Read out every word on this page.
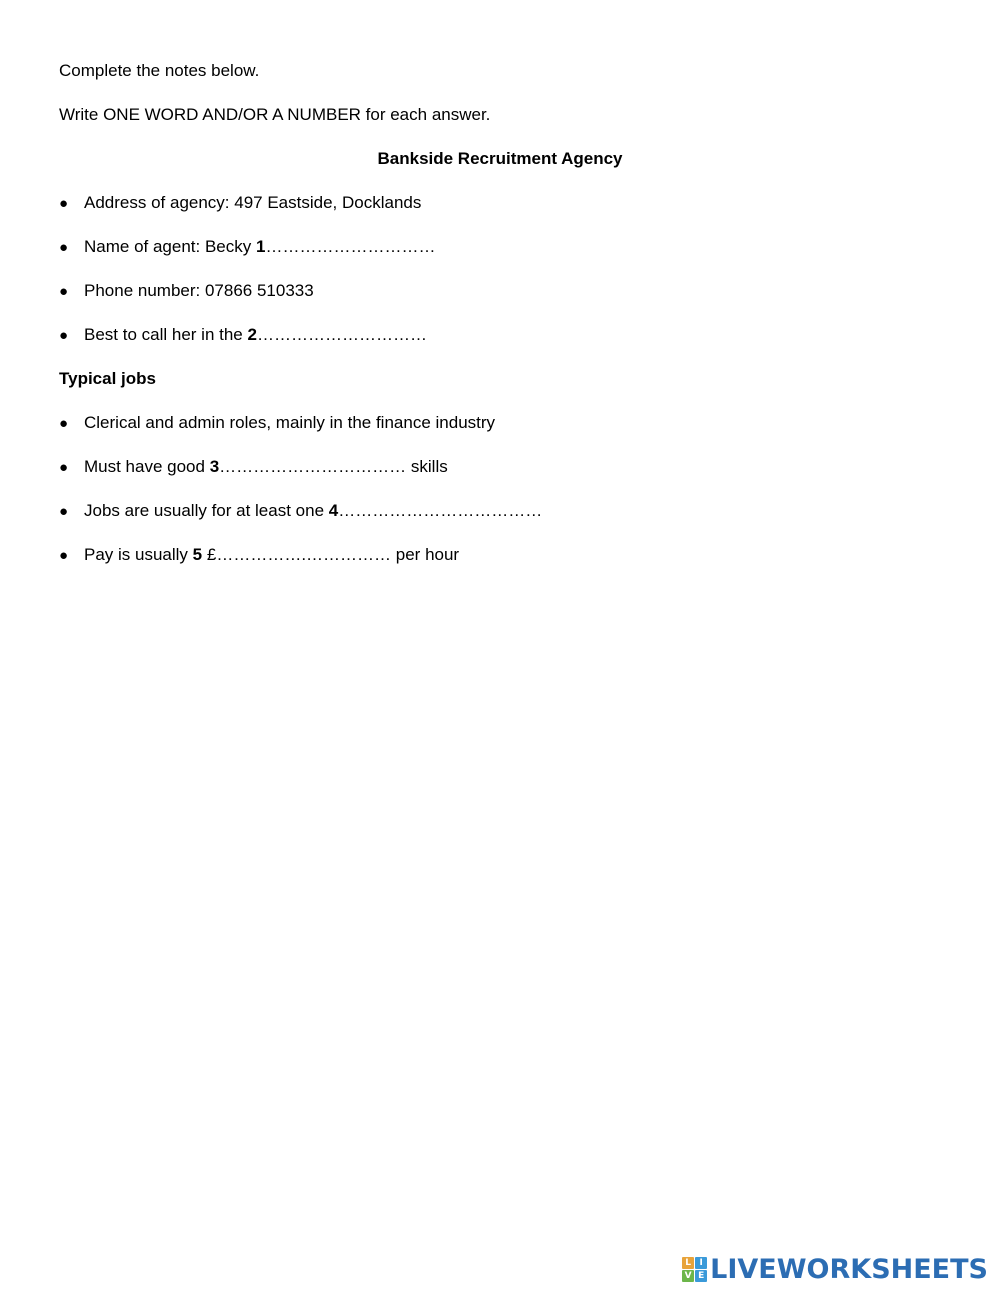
Complete the notes below.
Write ONE WORD AND/OR A NUMBER for each answer.
Bankside Recruitment Agency
● Address of agency: 497 Eastside, Docklands
● Name of agent: Becky 1 …………………………
● Phone number: 07866 510333
● Best to call her in the 2 …………………………
Typical jobs
● Clerical and admin roles, mainly in the finance industry
● Must have good 3 …………………………… skills
● Jobs are usually for at least one 4 ………………………………
● Pay is usually 5 £…………….…………… per hour
L I
V E LIVEWORKSHEETS
